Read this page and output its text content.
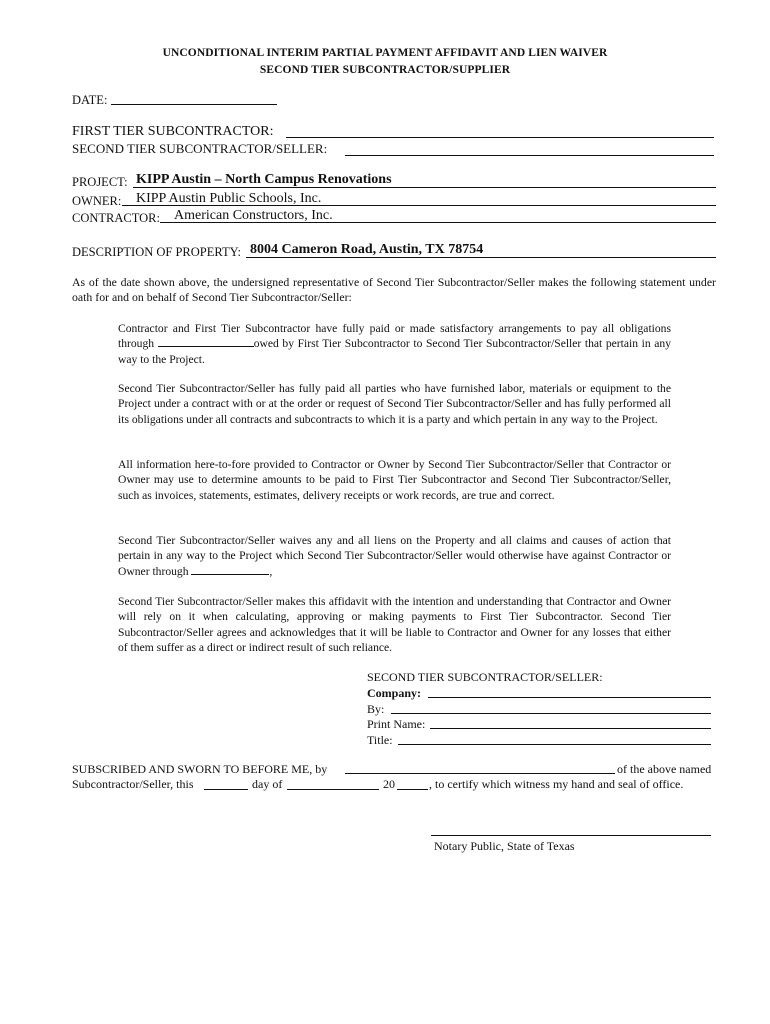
UNCONDITIONAL INTERIM PARTIAL PAYMENT AFFIDAVIT AND LIEN WAIVER
SECOND TIER SUBCONTRACTOR/SUPPLIER
DATE:
FIRST TIER SUBCONTRACTOR:
SECOND TIER SUBCONTRACTOR/SELLER:
PROJECT: KIPP Austin – North Campus Renovations
OWNER: KIPP Austin Public Schools, Inc.
CONTRACTOR: American Constructors, Inc.
DESCRIPTION OF PROPERTY: 8004 Cameron Road, Austin, TX 78754
As of the date shown above, the undersigned representative of Second Tier Subcontractor/Seller makes the following statement under oath for and on behalf of Second Tier Subcontractor/Seller:
Contractor and First Tier Subcontractor have fully paid or made satisfactory arrangements to pay all obligations through	owed by First Tier Subcontractor to Second Tier Subcontractor/Seller that pertain in any way to the Project.
Second Tier Subcontractor/Seller has fully paid all parties who have furnished labor, materials or equipment to the Project under a contract with or at the order or request of Second Tier Subcontractor/Seller and has fully performed all its obligations under all contracts and subcontracts to which it is a party and which pertain in any way to the Project.
All information here-to-fore provided to Contractor or Owner by Second Tier Subcontractor/Seller that Contractor or Owner may use to determine amounts to be paid to First Tier Subcontractor and Second Tier Subcontractor/Seller, such as invoices, statements, estimates, delivery receipts or work records, are true and correct.
Second Tier Subcontractor/Seller waives any and all liens on the Property and all claims and causes of action that pertain in any way to the Project which Second Tier Subcontractor/Seller would otherwise have against Contractor or Owner through	,
Second Tier Subcontractor/Seller makes this affidavit with the intention and understanding that Contractor and Owner will rely on it when calculating, approving or making payments to First Tier Subcontractor. Second Tier Subcontractor/Seller agrees and acknowledges that it will be liable to Contractor and Owner for any losses that either of them suffer as a direct or indirect result of such reliance.
SECOND TIER SUBCONTRACTOR/SELLER:
Company:
By:
Print Name:
Title:
SUBSCRIBED AND SWORN TO BEFORE ME, by	of the above named
Subcontractor/Seller, this	day of	20	, to certify which witness my hand and seal of office.
Notary Public, State of Texas
